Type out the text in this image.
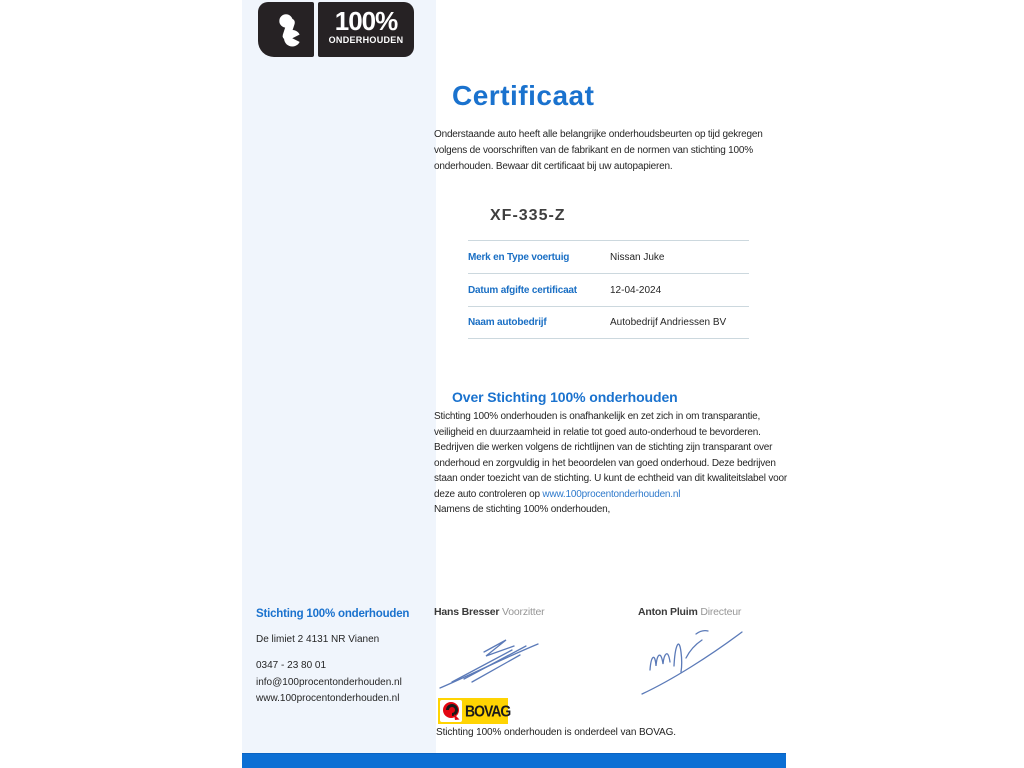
100%
ONDERHOUDEN
Certificaat
Onderstaande auto heeft alle belangrijke onderhoudsbeurten op tijd gekregen volgens de voorschriften van de fabrikant en de normen van stichting 100% onderhouden. Bewaar dit certificaat bij uw autopapieren.
XF-335-Z
Merk en Type voertuig	Nissan Juke
Datum afgifte certificaat	12-04-2024
Naam autobedrijf	Autobedrijf Andriessen BV
Over Stichting 100% onderhouden

Stichting 100% onderhouden is onafhankelijk en zet zich in om transparantie, veiligheid en duurzaamheid in relatie tot goed auto-onderhoud te bevorderen. Bedrijven die werken volgens de richtlijnen van de stichting zijn transparant over onderhoud en zorgvuldig in het beoordelen van goed onderhoud. Deze bedrijven staan onder toezicht van de stichting. U kunt de echtheid van dit kwaliteitslabel voor deze auto controleren op www.100procentonderhouden.nl

Namens de stichting 100% onderhouden,

Stichting 100% onderhouden
De limiet 2 4131 NR Vianen
0347 - 23 80 01
info@100procentonderhouden.nl
www.100procentonderhouden.nl
Hans Bresser Voorzitter	Anton Pluim Directeur
BOVAG
Stichting 100% onderhouden is onderdeel van BOVAG.
